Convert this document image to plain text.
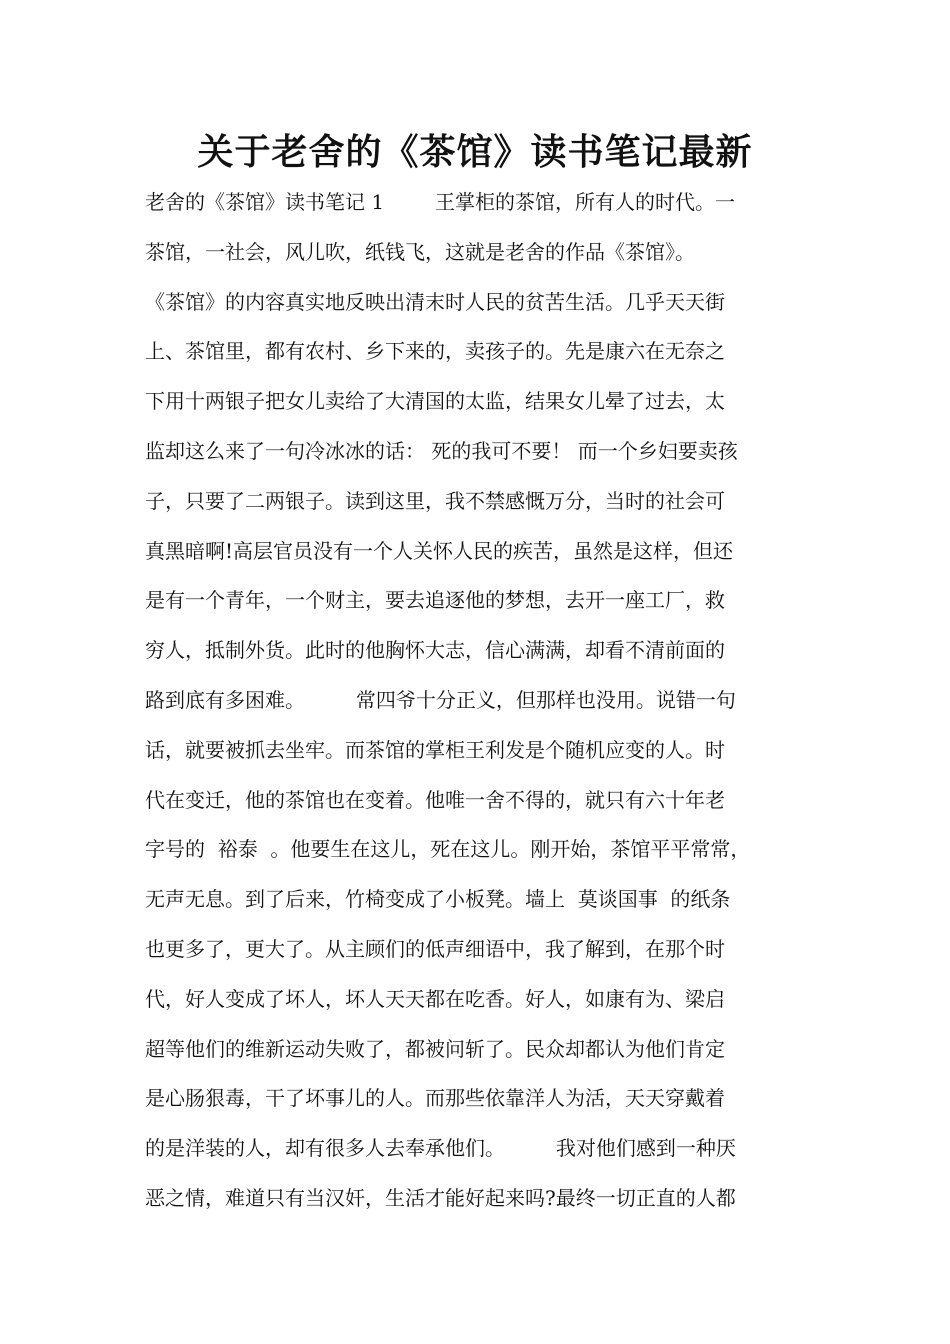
关于老舍的《茶馆》读书笔记最新
老舍的《茶馆》读书笔记 1        王掌柜的茶馆，所有人的时代。一
茶馆，一社会，风儿吹，纸钱飞，这就是老舍的作品《茶馆》。
《茶馆》的内容真实地反映出清末时人民的贫苦生活。几乎天天街
上、茶馆里，都有农村、乡下来的，卖孩子的。先是康六在无奈之
下用十两银子把女儿卖给了大清国的太监，结果女儿晕了过去，太
监却这么来了一句冷冰冰的话： 死的我可不要！ 而一个乡妇要卖孩
子，只要了二两银子。读到这里，我不禁感慨万分，当时的社会可
真黑暗啊!高层官员没有一个人关怀人民的疾苦，虽然是这样，但还
是有一个青年，一个财主，要去追逐他的梦想，去开一座工厂，救
穷人，抵制外货。此时的他胸怀大志，信心满满，却看不清前面的
路到底有多困难。        常四爷十分正义，但那样也没用。说错一句
话，就要被抓去坐牢。而茶馆的掌柜王利发是个随机应变的人。时
代在变迁，他的茶馆也在变着。他唯一舍不得的，就只有六十年老
字号的  裕泰  。他要生在这儿，死在这儿。刚开始，茶馆平平常常，
无声无息。到了后来，竹椅变成了小板凳。墙上  莫谈国事  的纸条
也更多了，更大了。从主顾们的低声细语中，我了解到，在那个时
代，好人变成了坏人，坏人天天都在吃香。好人，如康有为、梁启
超等他们的维新运动失败了，都被问斩了。民众却都认为他们肯定
是心肠狠毒，干了坏事儿的人。而那些依靠洋人为活，天天穿戴着
的是洋装的人，却有很多人去奉承他们。        我对他们感到一种厌
恶之情，难道只有当汉奸，生活才能好起来吗?最终一切正直的人都
